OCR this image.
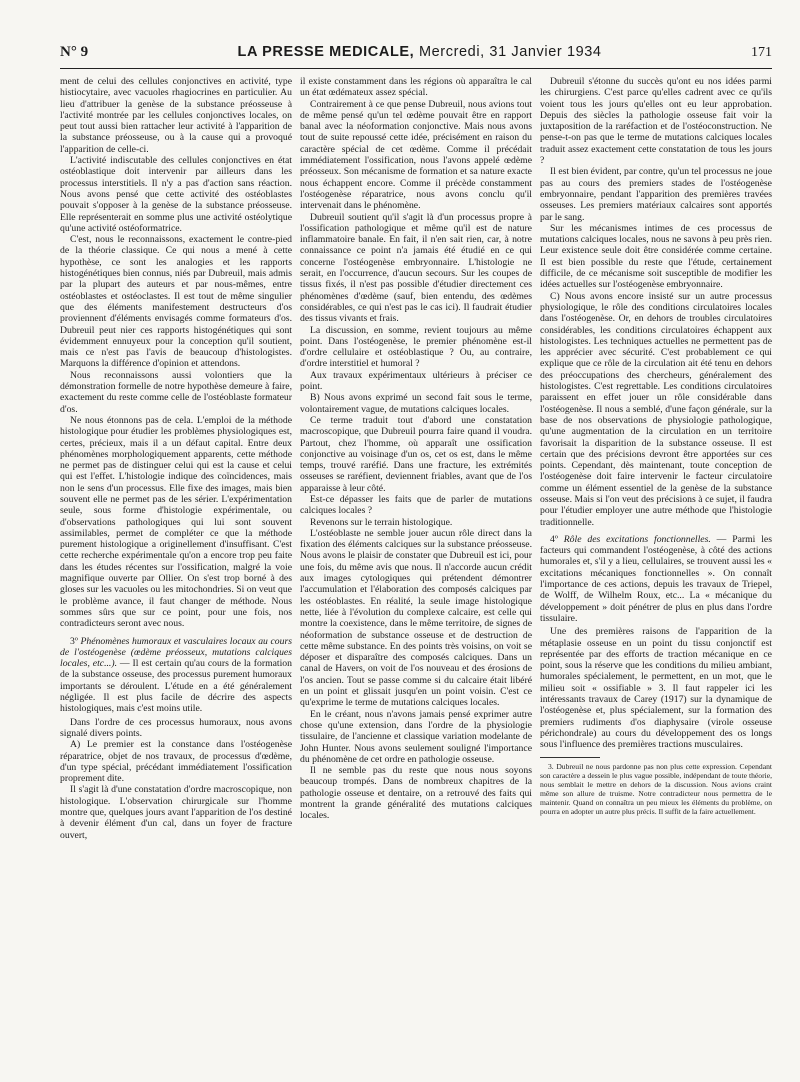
N° 9	LA PRESSE MEDICALE, Mercredi, 31 Janvier 1934	171

ment de celui des cellules conjonctives en activité, type histiocytaire, avec vacuoles rhagiocrines en particulier. Au lieu d'attribuer la genèse de la substance préosseuse à l'activité montrée par les cellules conjonctives locales, on peut tout aussi bien rattacher leur activité à l'apparition de la substance préosseuse, ou à la cause qui a provoqué l'apparition de celle-ci.

L'activité indiscutable des cellules conjonctives en état ostéoblastique doit intervenir par ailleurs dans les processus interstitiels. Il n'y a pas d'action sans réaction. Nous avons pensé que cette activité des ostéoblastes pouvait s'opposer à la genèse de la substance préosseuse. Elle représenterait en somme plus une activité ostéolytique qu'une activité ostéoformatrice.

C'est, nous le reconnaissons, exactement le contre-pied de la théorie classique. Ce qui nous a mené à cette hypothèse, ce sont les analogies et les rapports histogénétiques bien connus, niés par Dubreuil, mais admis par la plupart des auteurs et par nous-mêmes, entre ostéoblastes et ostéoclastes. Il est tout de même singulier que des éléments manifestement destructeurs d'os proviennent d'éléments envisagés comme formateurs d'os. Dubreuil peut nier ces rapports histogénétiques qui sont évidemment ennuyeux pour la conception qu'il soutient, mais ce n'est pas l'avis de beaucoup d'histologistes. Marquons la différence d'opinion et attendons.

Nous reconnaissons aussi volontiers que la démonstration formelle de notre hypothèse demeure à faire, exactement du reste comme celle de l'ostéoblaste formateur d'os.

Ne nous étonnons pas de cela. L'emploi de la méthode histologique pour étudier les problèmes physiologiques est, certes, précieux, mais il a un défaut capital. Entre deux phénomènes morphologiquement apparents, cette méthode ne permet pas de distinguer celui qui est la cause et celui qui est l'effet. L'histologie indique des coïncidences, mais non le sens d'un processus. Elle fixe des images, mais bien souvent elle ne permet pas de les sérier. L'expérimentation seule, sous forme d'histologie expérimentale, ou d'observations pathologiques qui lui sont souvent assimilables, permet de compléter ce que la méthode purement histologique a originellement d'insuffisant. C'est cette recherche expérimentale qu'on a encore trop peu faite dans les études récentes sur l'ossification, malgré la voie magnifique ouverte par Ollier. On s'est trop borné à des gloses sur les vacuoles ou les mitochondries. Si on veut que le problème avance, il faut changer de méthode. Nous sommes sûrs que sur ce point, pour une fois, nos contradicteurs seront avec nous.

3º Phénomènes humoraux et vasculaires locaux au cours de l'ostéogenèse (œdème préosseux, mutations calciques locales, etc...). — Il est certain qu'au cours de la formation de la substance osseuse, des processus purement humoraux importants se déroulent. L'étude en a été généralement négligée. Il est plus facile de décrire des aspects histologiques, mais c'est moins utile.

Dans l'ordre de ces processus humoraux, nous avons signalé divers points.

A) Le premier est la constance dans l'ostéogenèse réparatrice, objet de nos travaux, de processus d'œdème, d'un type spécial, précédant immédiatement l'ossification proprement dite.

Il s'agit là d'une constatation d'ordre macroscopique, non histologique. L'observation chirurgicale sur l'homme montre que, quelques jours avant l'apparition de l'os destiné à devenir élément d'un cal, dans un foyer de fracture ouvert,

il existe constamment dans les régions où apparaîtra le cal un état œdémateux assez spécial.

Contrairement à ce que pense Dubreuil, nous avions tout de même pensé qu'un tel œdème pouvait être en rapport banal avec la néoformation conjonctive. Mais nous avons tout de suite repoussé cette idée, précisément en raison du caractère spécial de cet œdème. Comme il précédait immédiatement l'ossification, nous l'avons appelé œdème préosseux. Son mécanisme de formation et sa nature exacte nous échappent encore. Comme il précède constamment l'ostéogenèse réparatrice, nous avons conclu qu'il intervenait dans le phénomène.

Dubreuil soutient qu'il s'agit là d'un processus propre à l'ossification pathologique et même qu'il est de nature inflammatoire banale. En fait, il n'en sait rien, car, à notre connaissance ce point n'a jamais été étudié en ce qui concerne l'ostéogenèse embryonnaire. L'histologie ne serait, en l'occurrence, d'aucun secours. Sur les coupes de tissus fixés, il n'est pas possible d'étudier directement ces phénomènes d'œdème (sauf, bien entendu, des œdèmes considérables, ce qui n'est pas le cas ici). Il faudrait étudier des tissus vivants et frais.

La discussion, en somme, revient toujours au même point. Dans l'ostéogenèse, le premier phénomène est-il d'ordre cellulaire et ostéoblastique ? Ou, au contraire, d'ordre interstitiel et humoral ?

Aux travaux expérimentaux ultérieurs à préciser ce point.

B) Nous avons exprimé un second fait sous le terme, volontairement vague, de mutations calciques locales.

Ce terme traduit tout d'abord une constatation macroscopique, que Dubreuil pourra faire quand il voudra. Partout, chez l'homme, où apparaît une ossification conjonctive au voisinage d'un os, cet os est, dans le même temps, trouvé raréfié. Dans une fracture, les extrémités osseuses se raréfient, deviennent friables, avant que de l'os apparaisse à leur côté.

Est-ce dépasser les faits que de parler de mutations calciques locales ?

Revenons sur le terrain histologique.

L'ostéoblaste ne semble jouer aucun rôle direct dans la fixation des éléments calciques sur la substance préosseuse. Nous avons le plaisir de constater que Dubreuil est ici, pour une fois, du même avis que nous. Il n'accorde aucun crédit aux images cytologiques qui prétendent démontrer l'accumulation et l'élaboration des composés calciques par les ostéoblastes. En réalité, la seule image histologique nette, liée à l'évolution du complexe calcaire, est celle qui montre la coexistence, dans le même territoire, de signes de néoformation de substance osseuse et de destruction de cette même substance. En des points très voisins, on voit se déposer et disparaître des composés calciques. Dans un canal de Havers, on voit de l'os nouveau et des érosions de l'os ancien. Tout se passe comme si du calcaire était libéré en un point et glissait jusqu'en un point voisin. C'est ce qu'exprime le terme de mutations calciques locales.

En le créant, nous n'avons jamais pensé exprimer autre chose qu'une extension, dans l'ordre de la physiologie tissulaire, de l'ancienne et classique variation modelante de John Hunter. Nous avons seulement souligné l'importance du phénomène de cet ordre en pathologie osseuse.

Il ne semble pas du reste que nous nous soyons beaucoup trompés. Dans de nombreux chapitres de la pathologie osseuse et dentaire, on a retrouvé des faits qui montrent la grande généralité des mutations calciques locales.

Dubreuil s'étonne du succès qu'ont eu nos idées parmi les chirurgiens. C'est parce qu'elles cadrent avec ce qu'ils voient tous les jours qu'elles ont eu leur approbation. Depuis des siècles la pathologie osseuse fait voir la juxtaposition de la raréfaction et de l'ostéoconstruction. Ne pense-t-on pas que le terme de mutations calciques locales traduit assez exactement cette constatation de tous les jours ?

Il est bien évident, par contre, qu'un tel processus ne joue pas au cours des premiers stades de l'ostéogenèse embryonnaire, pendant l'apparition des premières travées osseuses. Les premiers matériaux calcaires sont apportés par le sang.

Sur les mécanismes intimes de ces processus de mutations calciques locales, nous ne savons à peu près rien. Leur existence seule doit être considérée comme certaine. Il est bien possible du reste que l'étude, certainement difficile, de ce mécanisme soit susceptible de modifier les idées actuelles sur l'ostéogenèse embryonnaire.

C) Nous avons encore insisté sur un autre processus physiologique, le rôle des conditions circulatoires locales dans l'ostéogenèse. Or, en dehors de troubles circulatoires considérables, les conditions circulatoires échappent aux histologistes. Les techniques actuelles ne permettent pas de les apprécier avec sécurité. C'est probablement ce qui explique que ce rôle de la circulation ait été tenu en dehors des préoccupations des chercheurs, généralement des histologistes. C'est regrettable. Les conditions circulatoires paraissent en effet jouer un rôle considérable dans l'ostéogenèse. Il nous a semblé, d'une façon générale, sur la base de nos observations de physiologie pathologique, qu'une augmentation de la circulation en un territoire favorisait la disparition de la substance osseuse. Il est certain que des précisions devront être apportées sur ces points. Cependant, dès maintenant, toute conception de l'ostéogenèse doit faire intervenir le facteur circulatoire comme un élément essentiel de la genèse de la substance osseuse. Mais si l'on veut des précisions à ce sujet, il faudra pour l'étudier employer une autre méthode que l'histologie traditionnelle.

4º Rôle des excitations fonctionnelles. — Parmi les facteurs qui commandent l'ostéogenèse, à côté des actions humorales et, s'il y a lieu, cellulaires, se trouvent aussi les « excitations mécaniques fonctionnelles ». On connaît l'importance de ces actions, depuis les travaux de Triepel, de Wolff, de Wilhelm Roux, etc... La « mécanique du développement » doit pénétrer de plus en plus dans l'ordre tissulaire.

Une des premières raisons de l'apparition de la métaplasie osseuse en un point du tissu conjonctif est représentée par des efforts de traction mécanique en ce point, sous la réserve que les conditions du milieu ambiant, humorales spécialement, le permettent, en un mot, que le milieu soit « ossifiable » 3. Il faut rappeler ici les intéressants travaux de Carey (1917) sur la dynamique de l'ostéogenèse et, plus spécialement, sur la formation des premiers rudiments d'os diaphysaire (virole osseuse périchondrale) au cours du développement des os longs sous l'influence des premières tractions musculaires.

3. Dubreuil ne nous pardonne pas non plus cette expression. Cependant son caractère a dessein le plus vague possible, indépendant de toute théorie, nous semblait le mettre en dehors de la discussion. Nous avions craint même son allure de truisme. Notre contradicteur nous permettra de le maintenir. Quand on connaîtra un peu mieux les éléments du problème, on pourra en adopter un autre plus précis. Il suffit de la faire actuellement.
